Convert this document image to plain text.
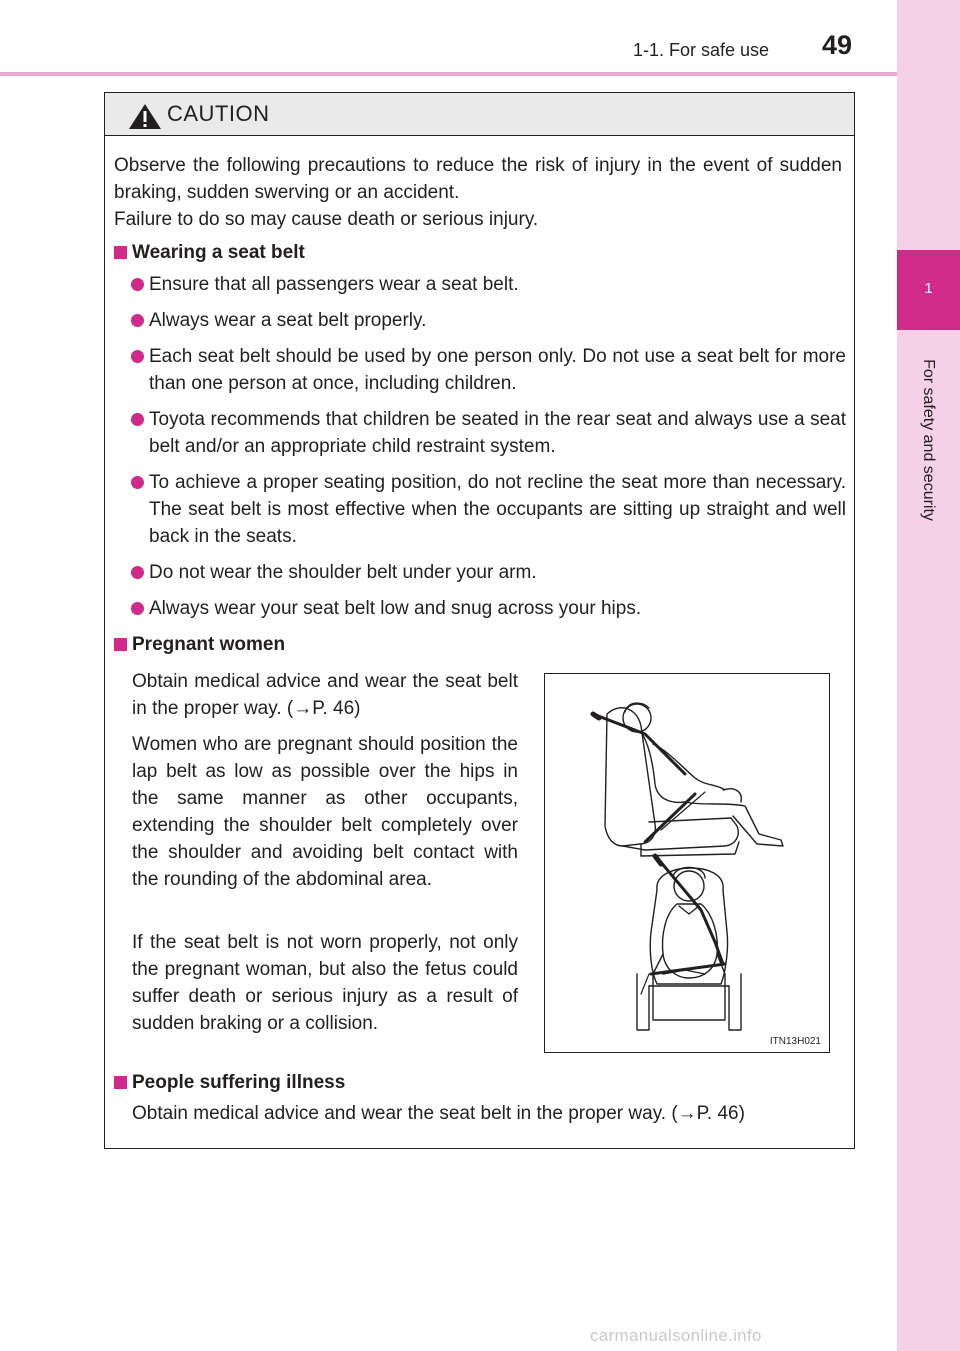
1-1. For safe use 49
1
For safety and security
CAUTION
Observe the following precautions to reduce the risk of injury in the event of sudden braking, sudden swerving or an accident.
Failure to do so may cause death or serious injury.
Wearing a seat belt
Ensure that all passengers wear a seat belt.
Always wear a seat belt properly.
Each seat belt should be used by one person only. Do not use a seat belt for more than one person at once, including children.
Toyota recommends that children be seated in the rear seat and always use a seat belt and/or an appropriate child restraint system.
To achieve a proper seating position, do not recline the seat more than necessary. The seat belt is most effective when the occupants are sitting up straight and well back in the seats.
Do not wear the shoulder belt under your arm.
Always wear your seat belt low and snug across your hips.
Pregnant women
Obtain medical advice and wear the seat belt in the proper way. (→P. 46)
Women who are pregnant should position the lap belt as low as possible over the hips in the same manner as other occupants, extending the shoulder belt completely over the shoulder and avoiding belt contact with the rounding of the abdominal area.
If the seat belt is not worn properly, not only the pregnant woman, but also the fetus could suffer death or serious injury as a result of sudden braking or a collision.
People suffering illness
Obtain medical advice and wear the seat belt in the proper way. (→P. 46)
ITN13H021
carmanualsonline.info
